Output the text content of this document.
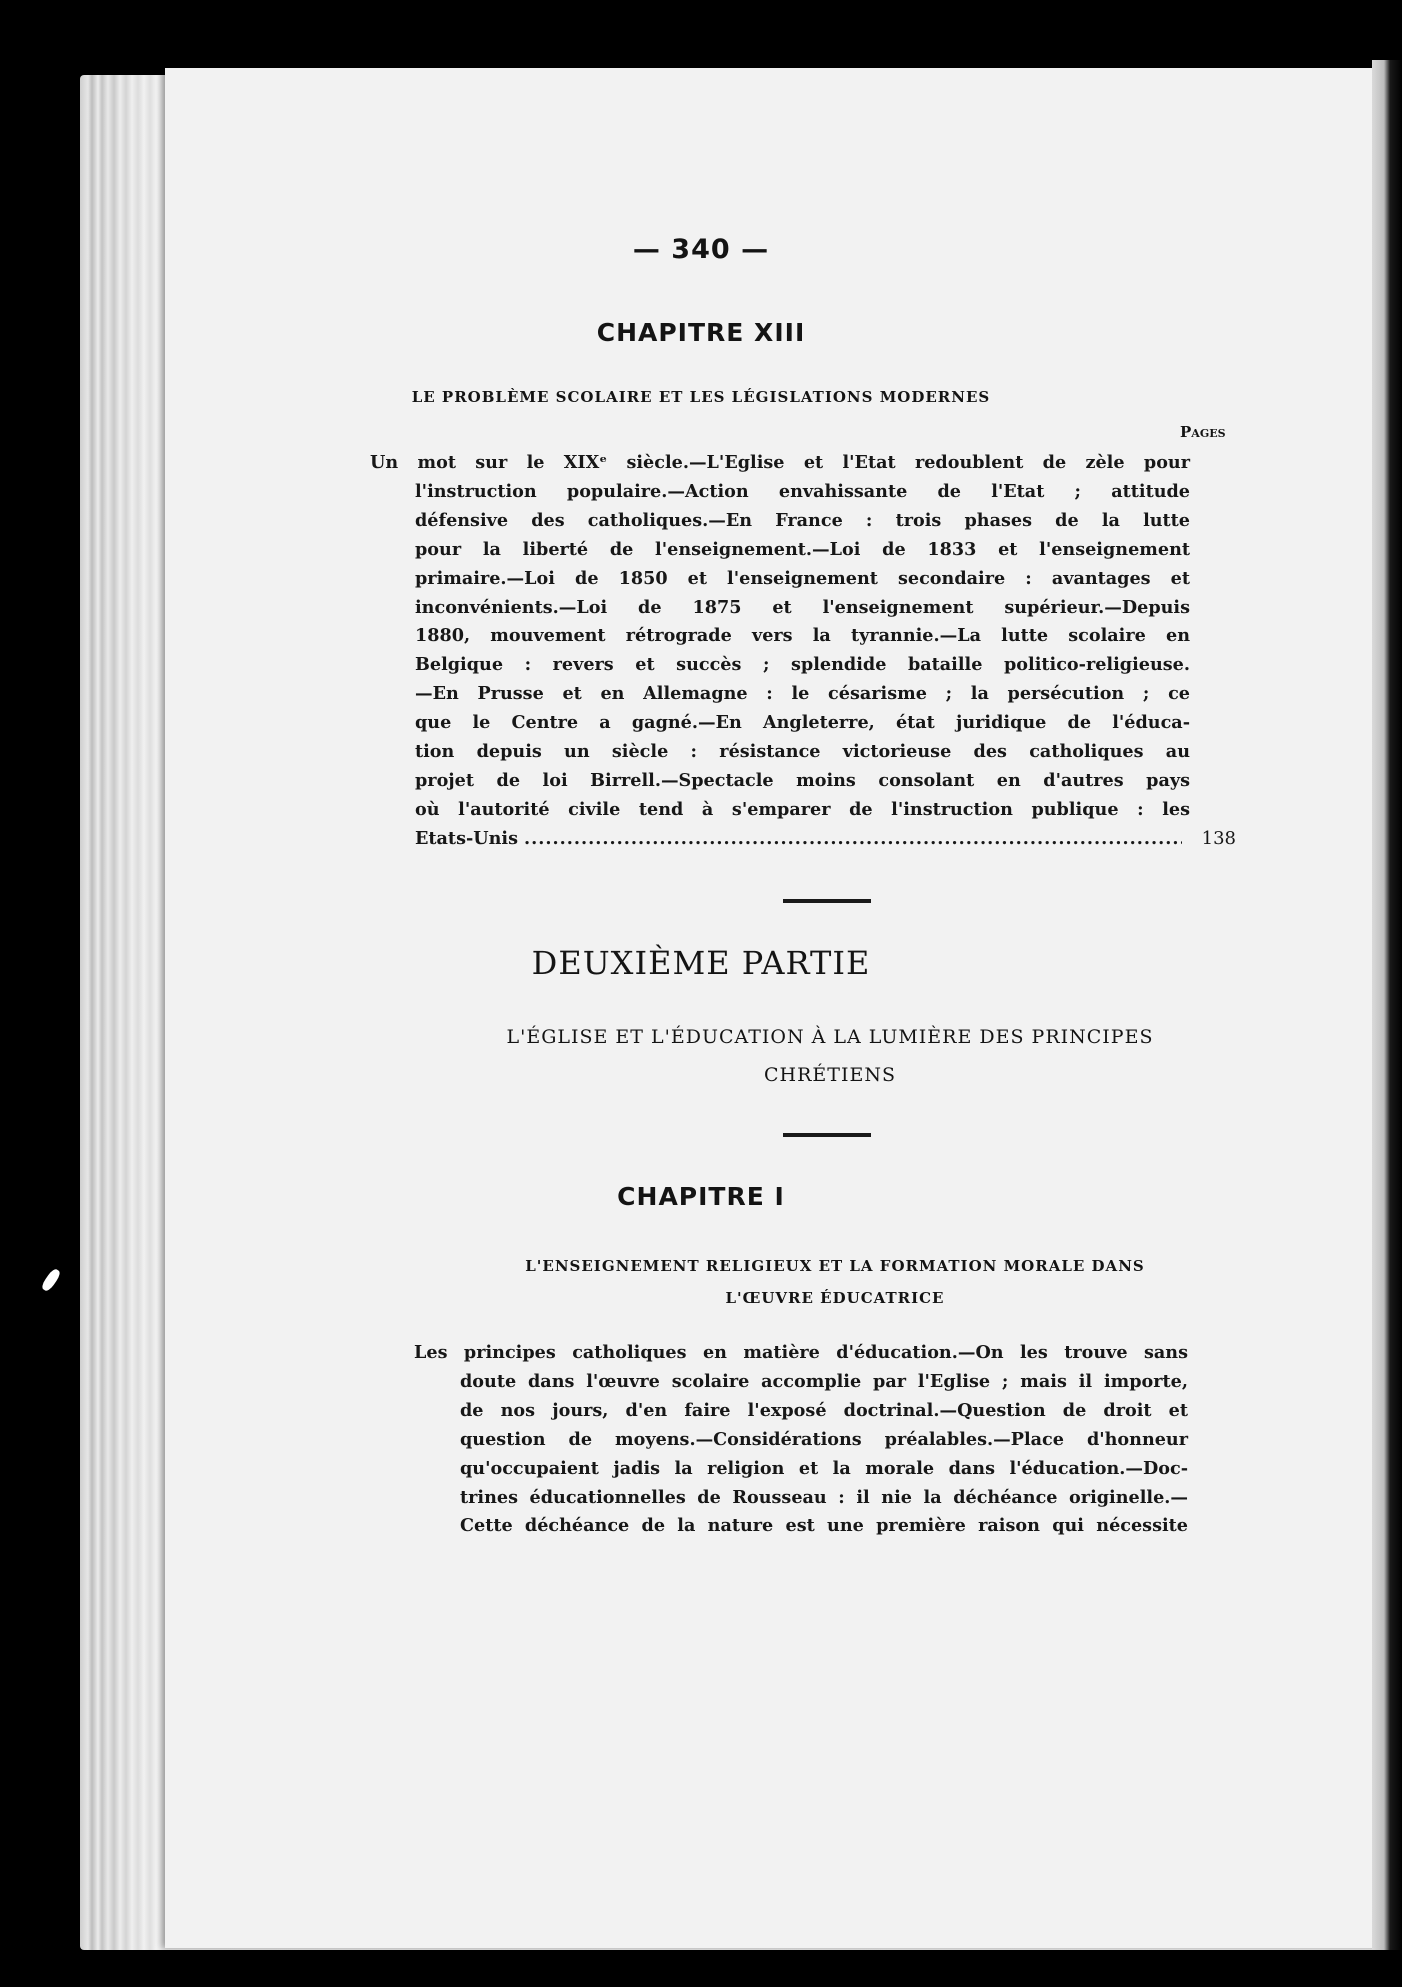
— 340 —
CHAPITRE XIII
LE PROBLÈME SCOLAIRE ET LES LÉGISLATIONS MODERNES
Pages
Un mot sur le XIXᵉ siècle.—L'Eglise et l'Etat redoublent de zèle pour
l'instruction populaire.—Action envahissante de l'Etat ; attitude
défensive des catholiques.—En France : trois phases de la lutte
pour la liberté de l'enseignement.—Loi de 1833 et l'enseignement
primaire.—Loi de 1850 et l'enseignement secondaire : avantages et
inconvénients.—Loi de 1875 et l'enseignement supérieur.—Depuis
1880, mouvement rétrograde vers la tyrannie.—La lutte scolaire en
Belgique : revers et succès ; splendide bataille politico-religieuse.
—En Prusse et en Allemagne : le césarisme ; la persécution ; ce
que le Centre a gagné.—En Angleterre, état juridique de l'éduca-
tion depuis un siècle : résistance victorieuse des catholiques au
projet de loi Birrell.—Spectacle moins consolant en d'autres pays
où l'autorité civile tend à s'emparer de l'instruction publique : les
Etats-Unis
.....	138
DEUXIÈME PARTIE
L'ÉGLISE ET L'ÉDUCATION À LA LUMIÈRE DES PRINCIPES
CHRÉTIENS
CHAPITRE I
L'ENSEIGNEMENT RELIGIEUX ET LA FORMATION MORALE DANS
L'ŒUVRE ÉDUCATRICE
Les principes catholiques en matière d'éducation.—On les trouve sans
doute dans l'œuvre scolaire accomplie par l'Eglise ; mais il importe,
de nos jours, d'en faire l'exposé doctrinal.—Question de droit et
question de moyens.—Considérations préalables.—Place d'honneur
qu'occupaient jadis la religion et la morale dans l'éducation.—Doc-
trines éducationnelles de Rousseau : il nie la déchéance originelle.—
Cette déchéance de la nature est une première raison qui nécessite
